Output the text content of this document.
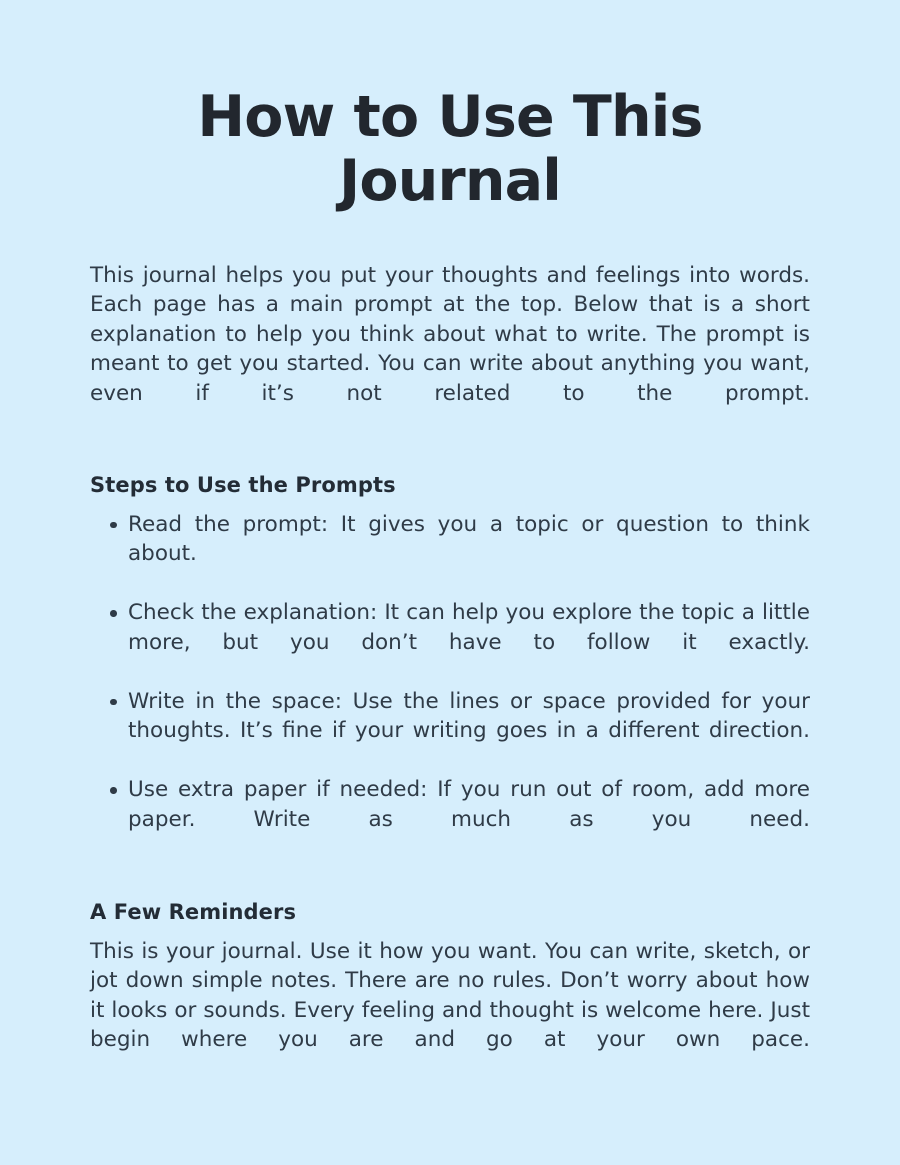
How to Use This Journal

This journal helps you put your thoughts and feelings into words. Each page has a main prompt at the top. Below that is a short explanation to help you think about what to write. The prompt is meant to get you started. You can write about anything you want, even if it’s not related to the prompt.

Steps to Use the Prompts
Read the prompt: It gives you a topic or question to think about.
Check the explanation: It can help you explore the topic a little more, but you don’t have to follow it exactly.
Write in the space: Use the lines or space provided for your thoughts. It’s fine if your writing goes in a different direction.
Use extra paper if needed: If you run out of room, add more paper. Write as much as you need.
A Few Reminders

This is your journal. Use it how you want. You can write, sketch, or jot down simple notes. There are no rules. Don’t worry about how it looks or sounds. Every feeling and thought is welcome here. Just begin where you are and go at your own pace.
